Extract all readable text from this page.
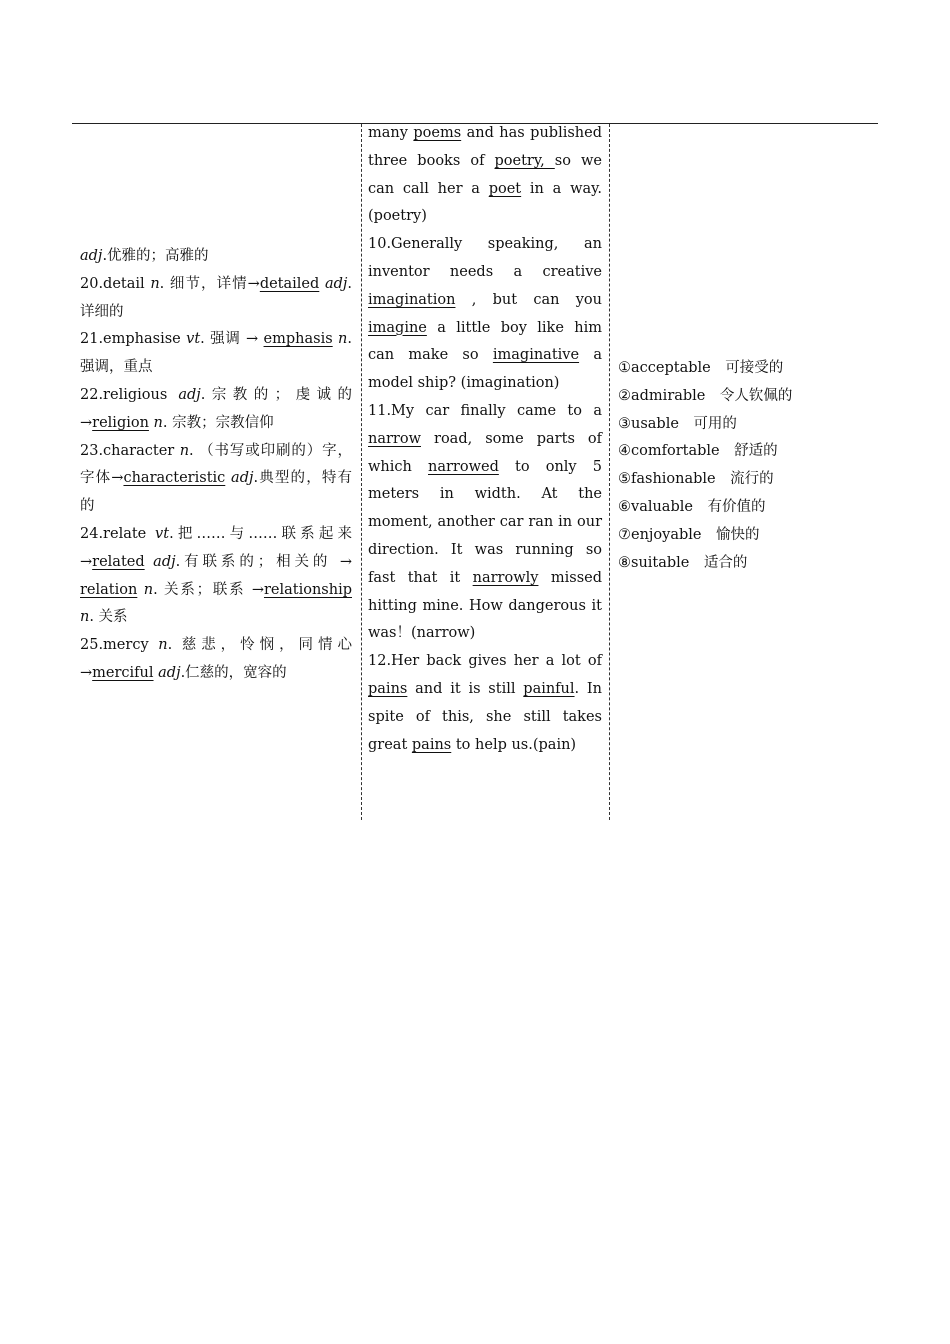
adj.优雅的；高雅的

20.detail n. 细节，详情→detailed adj.详细的

21.emphasise vt. 强调 → emphasis n. 强调，重点

22.religious adj.宗教的；虔诚的 →religion n. 宗教；宗教信仰

23.character n. （书写或印刷的）字，字体→characteristic adj.典型的，特有的

24.relate vt.把……与……联系起来→related adj.有联系的；相关的 → relation n. 关系；联系 →relationship n. 关系

25.mercy n. 慈悲，怜悯，同情心 →merciful adj.仁慈的，宽容的

many poems and has published three books of poetry, so we can call her a poet in a way.(poetry)

10.Generally speaking, an inventor needs a creative imagination , but can you imagine a little boy like him can make so imaginative a model ship? (imagination)

11.My car finally came to a narrow road, some parts of which narrowed to only 5 meters in width. At the moment, another car ran in our direction. It was running so fast that it narrowly missed hitting mine. How dangerous it was！(narrow)

12.Her back gives her a lot of pains and it is still painful. In spite of this, she still takes great pains to help us.(pain)

①acceptable　可接受的
②admirable　令人钦佩的
③usable　可用的
④comfortable　舒适的
⑤fashionable　流行的
⑥valuable　有价值的
⑦enjoyable　愉快的
⑧suitable　适合的
